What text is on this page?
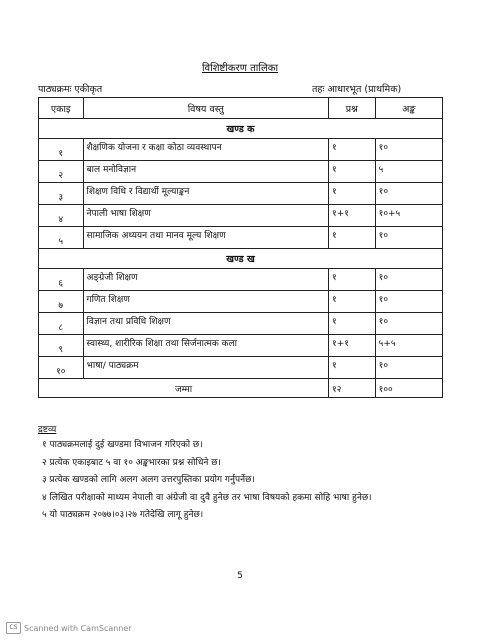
विशिष्टीकरण तालिका
पाठ्यक्रमः एकीकृत	तहः आधारभूत (प्राथमिक)
एकाइ	विषय वस्तु	प्रश्न	अङ्क
खण्ड क			
१	शैक्षणिक योजना र कक्षा कोठा व्यवस्थापन	१	१०
२	बाल मनोविज्ञान	१	५
३	शिक्षण विधि र विद्यार्थी मूल्याङ्कन	१	१०
४	नेपाली भाषा शिक्षण	१+१	१०+५
५	सामाजिक अध्ययन तथा मानव मूल्य शिक्षण	१	१०
खण्ड ख			
६	अङ्ग्रेजी शिक्षण	१	१०
७	गणित शिक्षण	१	१०
८	विज्ञान तथा प्रविधि शिक्षण	१	१०
९	स्वास्थ्य, शारीरिक शिक्षा तथा सिर्जनात्मक कला	१+१	५+५
१०	भाषा/ पाठ्यक्रम	१	१०
जम्मा		१२	१००
द्रष्टव्य
१ पाठ्यक्रमलाई दुई खण्डमा विभाजन गरिएको छ।
२ प्रत्येक एकाइबाट ५ वा १० अङ्कभारका प्रश्न सोधिने छ।
३ प्रत्येक खण्डको लागि अलग अलग उत्तरपुस्तिका प्रयोग गर्नुपर्नेछ।
४ लिखित परीक्षाको माध्यम नेपाली वा अंग्रेजी वा दुवै हुनेछ तर भाषा विषयको हकमा सोहि भाषा हुनेछ।
५ यो पाठ्यक्रम २०७७।०३।२७ गतेदेखि लागू हुनेछ।
5
CS Scanned with CamScanner
